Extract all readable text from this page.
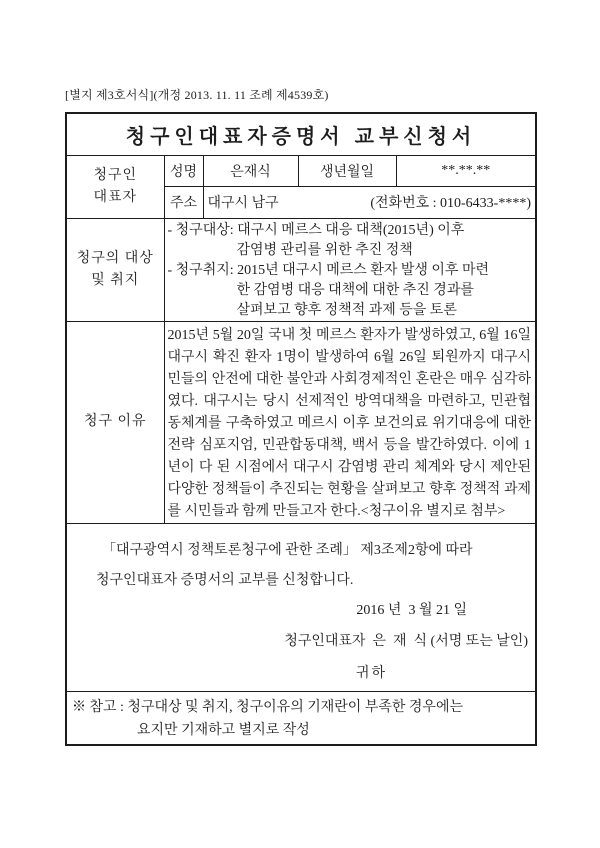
[별지 제3호서식](개정 2013. 11. 11 조례 제4539호)
청구인대표자증명서 교부신청서				

청구인
대표자	성명	은재식	생년월일	**.**.**
	주소	대구시 남구 (전화번호 : 010-6433-****)		

청구의 대상
및 취지

- 청구대상: 대구시 메르스 대응 대책(2015년) 이후
감염병 관리를 위한 추진 정책
- 청구취지: 2015년 대구시 메르스 환자 발생 이후 마련
한 감염병 대응 대책에 대한 추진 경과를
살펴보고 향후 정책적 과제 등을 토론

청구 이유	2015년 5월 20일 국내 첫 메르스 환자가 발생하였고, 6월 16일 대구시 확진 환자 1명이 발생하여 6월 26일 퇴원까지 대구시민들의 안전에 대한 불안과 사회경제적인 혼란은 매우 심각하였다. 대구시는 당시 선제적인 방역대책을 마련하고, 민관협동체계를 구축하였고 메르시 이후 보건의료 위기대응에 대한 전략 심포지엄, 민관합동대책, 백서 등을 발간하였다. 이에 1년이 다 된 시점에서 대구시 감염병 관리 체계와 당시 제안된 다양한 정책들이 추진되는 현황을 살펴보고 향후 정책적 과제를 시민들과 함께 만들고자 한다.<청구이유 별지로 첨부>			

「대구광역시 정책토론청구에 관한 조례」 제3조제2항에 따라
청구인대표자 증명서의 교부를 신청합니다.
2016 년  3 월 21 일
청구인대표자  은  재  식 (서명 또는 날인)
귀하				

※ 참고 : 청구대상 및 취지, 청구이유의 기재란이 부족한 경우에는
요지만 기재하고 별지로 작성				
